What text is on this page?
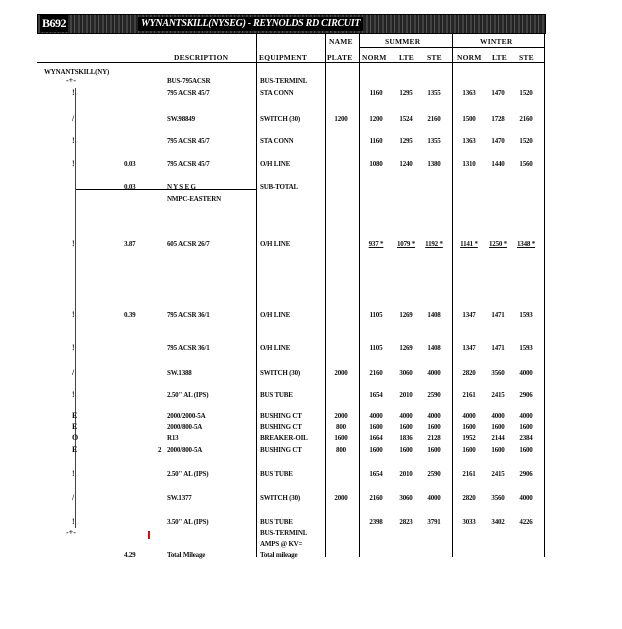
B692	WYNANTSKILL(NYSEG) - REYNOLDS RD CIRCUIT
DESCRIPTION	EQUIPMENT
NAME
PLATE
SUMMER	WINTER
NORM LTE STE NORM LTE STE
WYNANTSKILL(NY)
-+-	BUS-795ACSR	BUS-TERMINL
!	795 ACSR 45/7	STA CONN	1160	1295	1355	1363	1470	1520
/	SW.98849	SWITCH (30)	1200	1200	1524	2160	1500	1728	2160
!	795 ACSR 45/7	STA CONN	1160	1295	1355	1363	1470	1520
!	0.03	795 ACSR 45/7	O/H LINE	1080	1240	1380	1310	1440	1560
0.03	N Y S E G	SUB-TOTAL
NMPC-EASTERN
!	3.87	605 ACSR 26/7	O/H LINE	937 *	1079 *	1192 *	1141 *	1250 *	1348 *
!	0.39	795 ACSR 36/1	O/H LINE	1105	1269	1408	1347	1471	1593
!	795 ACSR 36/1	O/H LINE	1105	1269	1408	1347	1471	1593
/	SW.1388	SWITCH (30)	2000	2160	3060	4000	2820	3560	4000
!	2.50" AL (IPS)	BUS TUBE	1654	2010	2590	2161	2415	2906
E	2000/2000-5A	BUSHING CT	2000	4000	4000	4000	4000	4000	4000
E	2000/800-5A	BUSHING CT	800	1600	1600	1600	1600	1600	1600
O	R13	BREAKER-OIL	1600	1664	1836	2128	1952	2144	2384
E	2 2000/800-5A	BUSHING CT	800	1600	1600	1600	1600	1600	1600
!	2.50" AL (IPS)	BUS TUBE	1654	2010	2590	2161	2415	2906
/	SW.1377	SWITCH (30)	2000	2160	3060	4000	2820	3560	4000
!	3.50" AL (IPS)	BUS TUBE	2398	2823	3791	3033	3402	4226
-+-	BUS-TERMINL
AMPS @ KV=
4.29	Total Mileage	Total mileage
